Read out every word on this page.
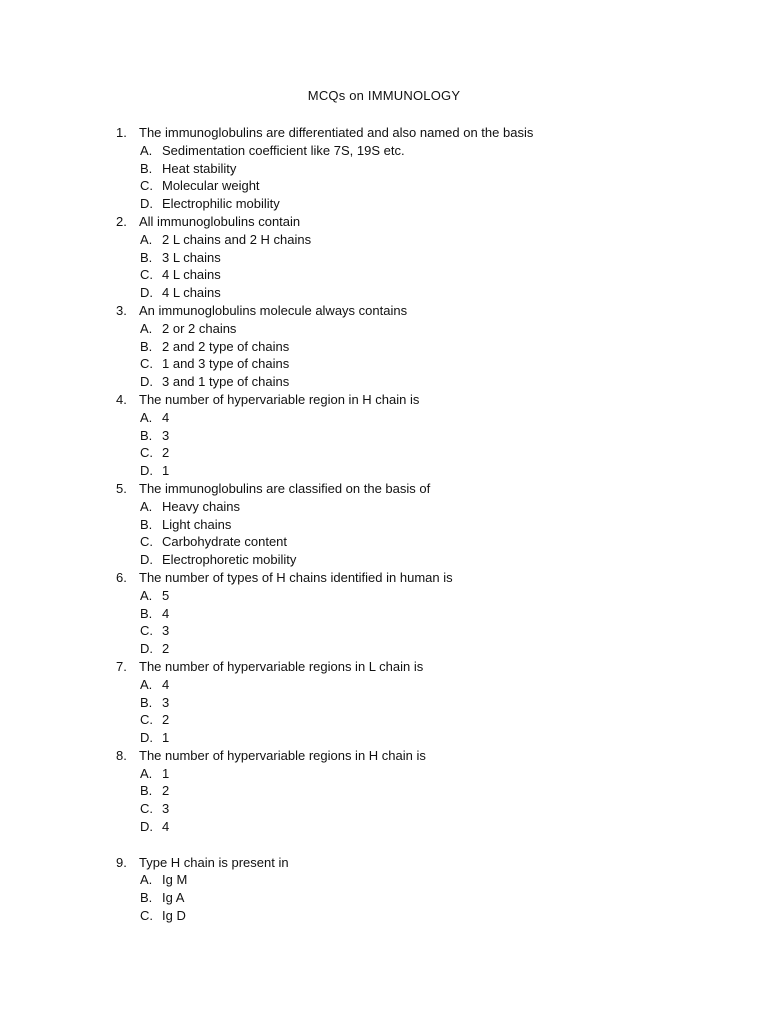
MCQs on IMMUNOLOGY
1. The immunoglobulins are differentiated and also named on the basis
A. Sedimentation coefficient like 7S, 19S etc.
B. Heat stability
C. Molecular weight
D. Electrophilic mobility
2. All immunoglobulins contain
A. 2 L chains and 2 H chains
B. 3 L chains
C. 4 L chains
D. 4 L chains
3. An immunoglobulins molecule always contains
A. 2 or 2 chains
B. 2 and 2 type of chains
C. 1 and 3 type of chains
D. 3 and 1 type of chains
4. The number of hypervariable region in H chain is
A. 4
B. 3
C. 2
D. 1
5. The immunoglobulins are classified on the basis of
A. Heavy chains
B. Light chains
C. Carbohydrate content
D. Electrophoretic mobility
6. The number of types of H chains identified in human is
A. 5
B. 4
C. 3
D. 2
7. The number of hypervariable regions in L chain is
A. 4
B. 3
C. 2
D. 1
8. The number of hypervariable regions in H chain is
A. 1
B. 2
C. 3
D. 4
9. Type H chain is present in
A. Ig M
B. Ig A
C. Ig D
